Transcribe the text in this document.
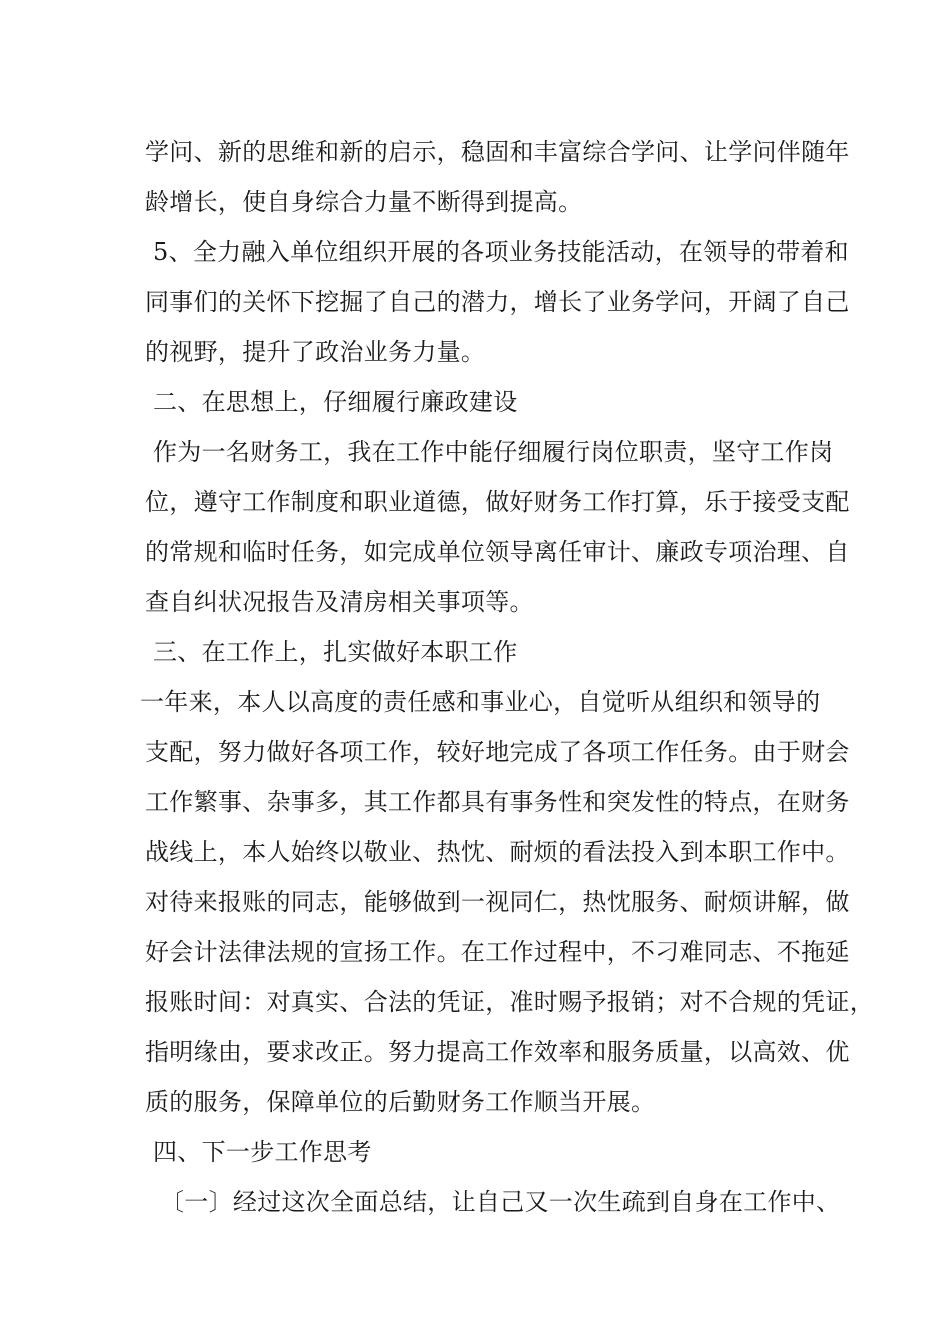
学问、新的思维和新的启示，稳固和丰富综合学问、让学问伴随年
龄增长，使自身综合力量不断得到提高。
5、全力融入单位组织开展的各项业务技能活动，在领导的带着和
同事们的关怀下挖掘了自己的潜力，增长了业务学问，开阔了自己
的视野，提升了政治业务力量。
二、在思想上，仔细履行廉政建设
作为一名财务工，我在工作中能仔细履行岗位职责，坚守工作岗
位，遵守工作制度和职业道德，做好财务工作打算，乐于接受支配
的常规和临时任务，如完成单位领导离任审计、廉政专项治理、自
查自纠状况报告及清房相关事项等。
三、在工作上，扎实做好本职工作
一年来，本人以高度的责任感和事业心，自觉听从组织和领导的
支配，努力做好各项工作，较好地完成了各项工作任务。由于财会
工作繁事、杂事多，其工作都具有事务性和突发性的特点，在财务
战线上，本人始终以敬业、热忱、耐烦的看法投入到本职工作中。
对待来报账的同志，能够做到一视同仁，热忱服务、耐烦讲解，做
好会计法律法规的宣扬工作。在工作过程中，不刁难同志、不拖延
报账时间：对真实、合法的凭证，准时赐予报销；对不合规的凭证，
指明缘由，要求改正。努力提高工作效率和服务质量，以高效、优
质的服务，保障单位的后勤财务工作顺当开展。
四、下一步工作思考
〔一〕经过这次全面总结，让自己又一次生疏到自身在工作中、
